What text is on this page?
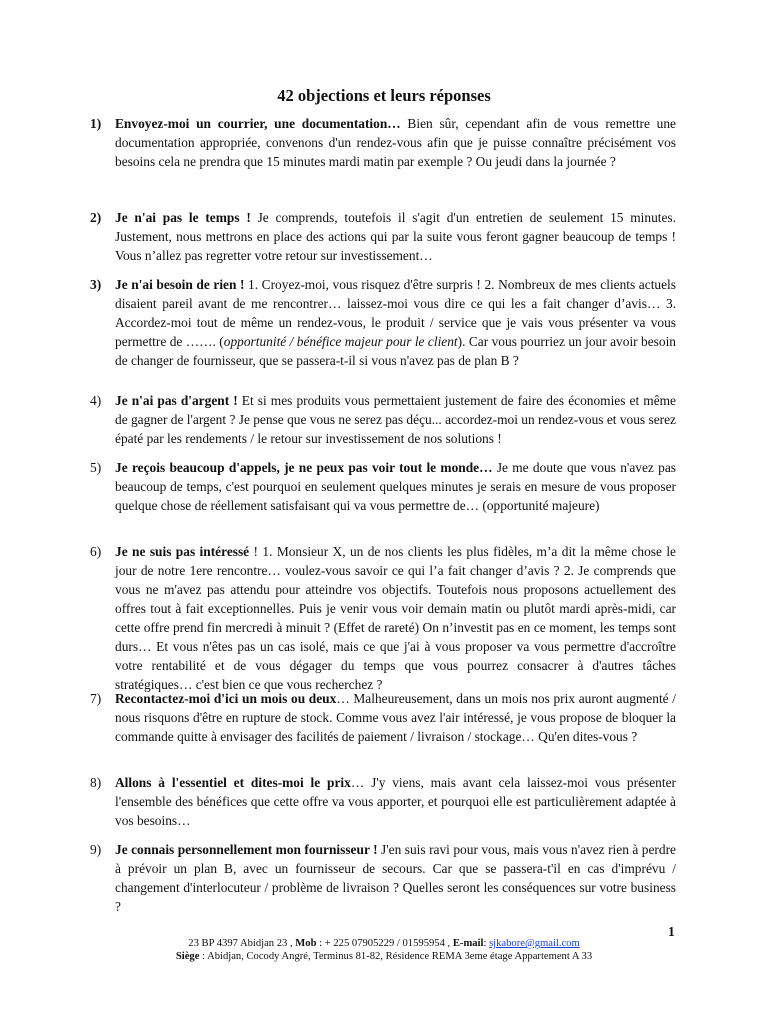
42 objections et leurs réponses
1) Envoyez-moi un courrier, une documentation… Bien sûr, cependant afin de vous remettre une documentation appropriée, convenons d'un rendez-vous afin que je puisse connaître précisément vos besoins cela ne prendra que 15 minutes mardi matin par exemple ? Ou jeudi dans la journée ?
2) Je n'ai pas le temps ! Je comprends, toutefois il s'agit d'un entretien de seulement 15 minutes. Justement, nous mettrons en place des actions qui par la suite vous feront gagner beaucoup de temps ! Vous n’allez pas regretter votre retour sur investissement…
3) Je n'ai besoin de rien ! 1. Croyez-moi, vous risquez d'être surpris ! 2. Nombreux de mes clients actuels disaient pareil avant de me rencontrer… laissez-moi vous dire ce qui les a fait changer d’avis… 3. Accordez-moi tout de même un rendez-vous, le produit / service que je vais vous présenter va vous permettre de ……. (opportunité / bénéfice majeur pour le client). Car vous pourriez un jour avoir besoin de changer de fournisseur, que se passera-t-il si vous n'avez pas de plan B ?
4) Je n'ai pas d'argent ! Et si mes produits vous permettaient justement de faire des économies et même de gagner de l'argent ? Je pense que vous ne serez pas déçu... accordez-moi un rendez-vous et vous serez épaté par les rendements / le retour sur investissement de nos solutions !
5) Je reçois beaucoup d'appels, je ne peux pas voir tout le monde… Je me doute que vous n'avez pas beaucoup de temps, c'est pourquoi en seulement quelques minutes je serais en mesure de vous proposer quelque chose de réellement satisfaisant qui va vous permettre de… (opportunité majeure)
6) Je ne suis pas intéressé ! 1. Monsieur X, un de nos clients les plus fidèles, m’a dit la même chose le jour de notre 1ere rencontre… voulez-vous savoir ce qui l’a fait changer d’avis ? 2. Je comprends que vous ne m'avez pas attendu pour atteindre vos objectifs. Toutefois nous proposons actuellement des offres tout à fait exceptionnelles. Puis je venir vous voir demain matin ou plutôt mardi après-midi, car cette offre prend fin mercredi à minuit ? (Effet de rareté) On n’investit pas en ce moment, les temps sont durs… Et vous n'êtes pas un cas isolé, mais ce que j'ai à vous proposer va vous permettre d'accroître votre rentabilité et de vous dégager du temps que vous pourrez consacrer à d'autres tâches stratégiques… c'est bien ce que vous recherchez ?
7) Recontactez-moi d'ici un mois ou deux… Malheureusement, dans un mois nos prix auront augmenté / nous risquons d'être en rupture de stock. Comme vous avez l'air intéressé, je vous propose de bloquer la commande quitte à envisager des facilités de paiement / livraison / stockage… Qu'en dites-vous ?
8) Allons à l'essentiel et dites-moi le prix… J'y viens, mais avant cela laissez-moi vous présenter l'ensemble des bénéfices que cette offre va vous apporter, et pourquoi elle est particulièrement adaptée à vos besoins…
9) Je connais personnellement mon fournisseur ! J'en suis ravi pour vous, mais vous n'avez rien à perdre à prévoir un plan B, avec un fournisseur de secours. Car que se passera-t'il en cas d'imprévu / changement d'interlocuteur / problème de livraison ? Quelles seront les conséquences sur votre business ?
1
23 BP 4397 Abidjan 23 , Mob : + 225 07905229 / 01595954 , E-mail: sjkabore@gmail.com
Siège : Abidjan, Cocody Angré, Terminus 81-82, Résidence REMA 3eme étage Appartement A 33
